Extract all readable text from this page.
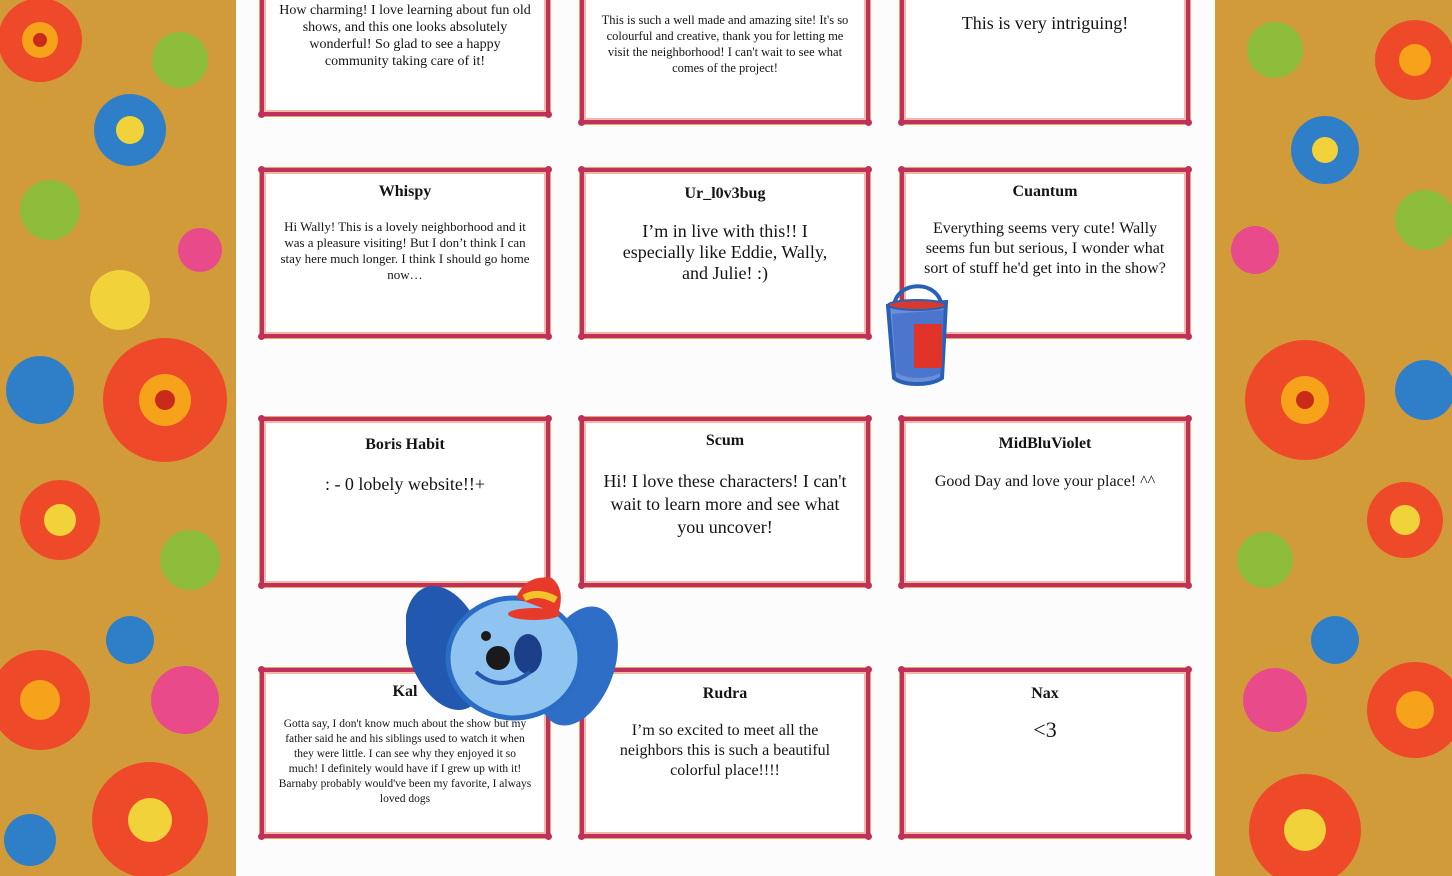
How charming! I love learning about fun old shows, and this one looks absolutely wonderful! So glad to see a happy community taking care of it!

This is such a well made and amazing site! It's so colourful and creative, thank you for letting me visit the neighborhood! I can't wait to see what comes of the project!

This is very intriguing!

Whispy

Hi Wally! This is a lovely neighborhood and it was a pleasure visiting! But I don’t think I can stay here much longer. I think I should go home now…

Ur_l0v3bug

I’m in live with this!! I especially like Eddie, Wally, and Julie! :)

Cuantum

Everything seems very cute! Wally seems fun but serious, I wonder what sort of stuff he'd get into in the show?

Boris Habit

: - 0 lobely website!!+

Scum

Hi! I love these characters! I can't wait to learn more and see what you uncover!

MidBluViolet

Good Day and love your place! ^^

Kal

Gotta say, I don't know much about the show but my father said he and his siblings used to watch it when they were little. I can see why they enjoyed it so much! I definitely would have if I grew up with it! Barnaby probably would've been my favorite, I always loved dogs

Rudra

I’m so excited to meet all the neighbors this is such a beautiful colorful place!!!!

Nax

<3
